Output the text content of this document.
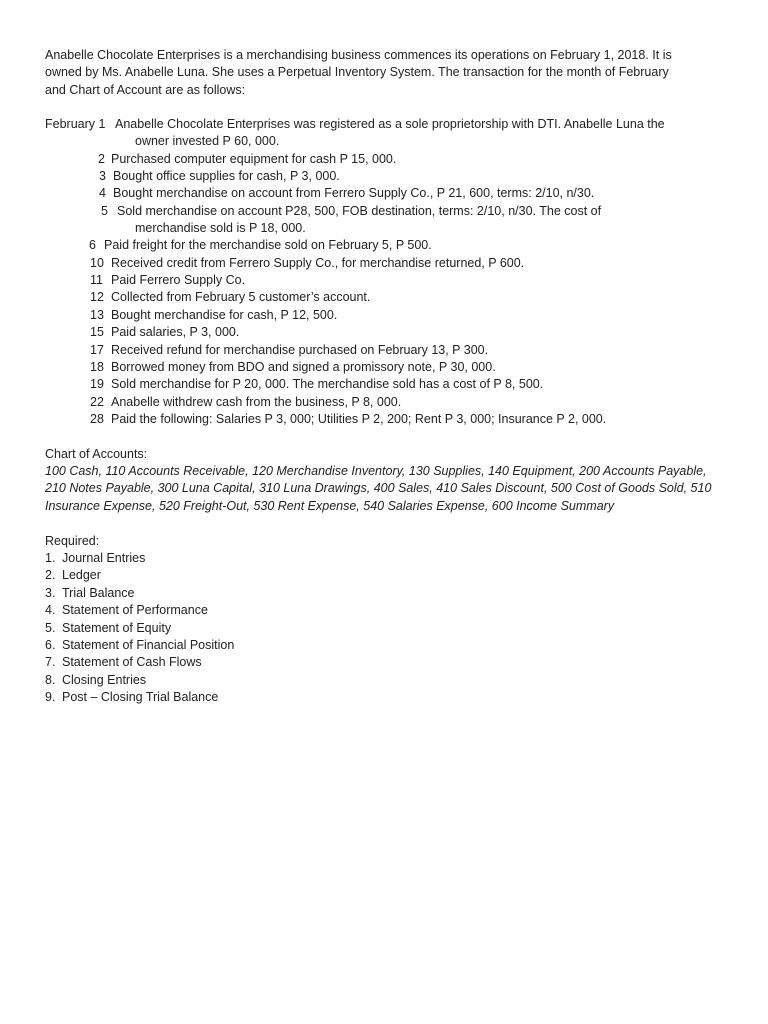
Anabelle Chocolate Enterprises is a merchandising business commences its operations on February 1, 2018. It is
owned by Ms. Anabelle Luna. She uses a Perpetual Inventory System. The transaction for the month of February
and Chart of Account are as follows:
February 1 Anabelle Chocolate Enterprises was registered as a sole proprietorship with DTI. Anabelle Luna the
owner invested P 60, 000.
2 Purchased computer equipment for cash P 15, 000.
3 Bought office supplies for cash, P 3, 000.
4 Bought merchandise on account from Ferrero Supply Co., P 21, 600, terms: 2/10, n/30.
5 Sold merchandise on account P28, 500, FOB destination, terms: 2/10, n/30. The cost of
merchandise sold is P 18, 000.
6 Paid freight for the merchandise sold on February 5, P 500.
10 Received credit from Ferrero Supply Co., for merchandise returned, P 600.
11 Paid Ferrero Supply Co.
12 Collected from February 5 customer’s account.
13 Bought merchandise for cash, P 12, 500.
15 Paid salaries, P 3, 000.
17 Received refund for merchandise purchased on February 13, P 300.
18 Borrowed money from BDO and signed a promissory note, P 30, 000.
19 Sold merchandise for P 20, 000. The merchandise sold has a cost of P 8, 500.
22 Anabelle withdrew cash from the business, P 8, 000.
28 Paid the following: Salaries P 3, 000; Utilities P 2, 200; Rent P 3, 000; Insurance P 2, 000.
Chart of Accounts:
100 Cash, 110 Accounts Receivable, 120 Merchandise Inventory, 130 Supplies, 140 Equipment, 200 Accounts Payable,
210 Notes Payable, 300 Luna Capital, 310 Luna Drawings, 400 Sales, 410 Sales Discount, 500 Cost of Goods Sold, 510
Insurance Expense, 520 Freight-Out, 530 Rent Expense, 540 Salaries Expense, 600 Income Summary
Required:
1. Journal Entries
2. Ledger
3. Trial Balance
4. Statement of Performance
5. Statement of Equity
6. Statement of Financial Position
7. Statement of Cash Flows
8. Closing Entries
9. Post – Closing Trial Balance
